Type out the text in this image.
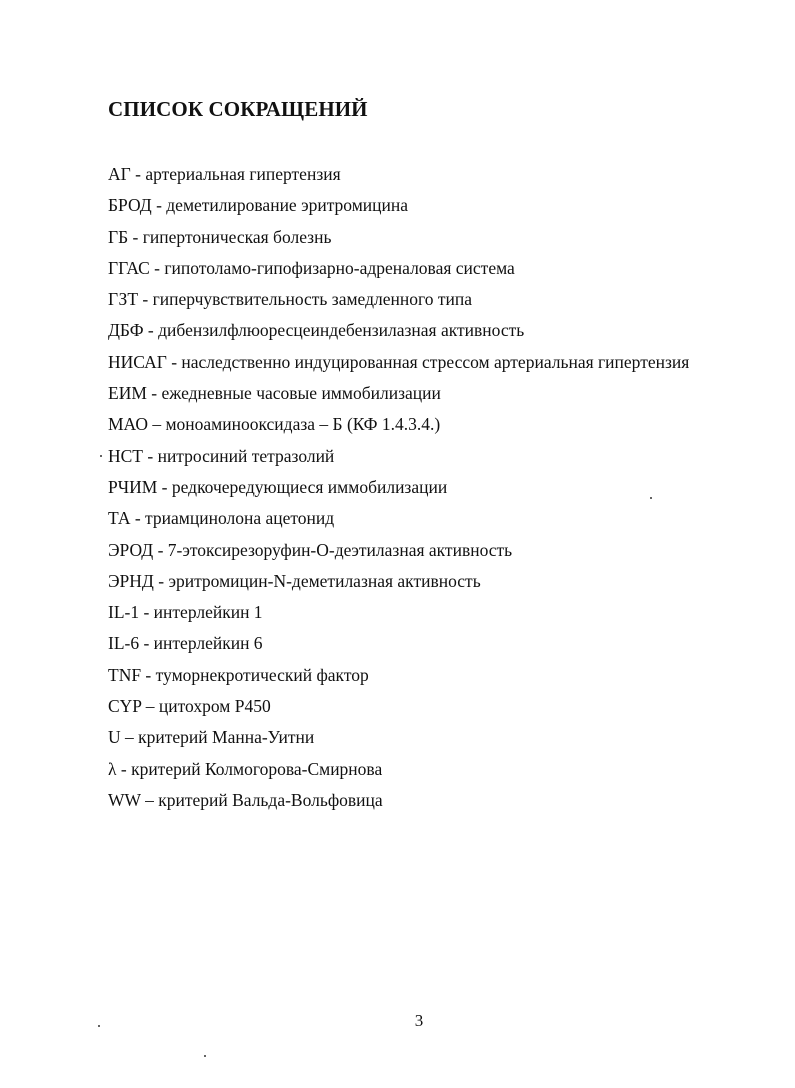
СПИСОК СОКРАЩЕНИЙ
АГ - артериальная гипертензия
БРОД - деметилирование эритромицина
ГБ - гипертоническая болезнь
ГГАС - гипотоламо-гипофизарно-адреналовая система
ГЗТ - гиперчувствительность замедленного типа
ДБФ - дибензилфлюоресцеиндебензилазная активность
НИСАГ - наследственно индуцированная стрессом артериальная гипертензия
ЕИМ - ежедневные часовые иммобилизации
МАО – моноаминооксидаза – Б (КФ 1.4.3.4.)
НСТ - нитросиний тетразолий
РЧИМ - редкочередующиеся иммобилизации
ТА - триамцинолона ацетонид
ЭРОД - 7-этоксирезоруфин-О-деэтилазная активность
ЭРНД - эритромицин-N-деметилазная активность
IL-1 - интерлейкин 1
IL-6 - интерлейкин 6
TNF - туморнекротический фактор
CYP – цитохром P450
U – критерий Манна-Уитни
λ - критерий Колмогорова-Смирнова
WW – критерий Вальда-Вольфовица
3
